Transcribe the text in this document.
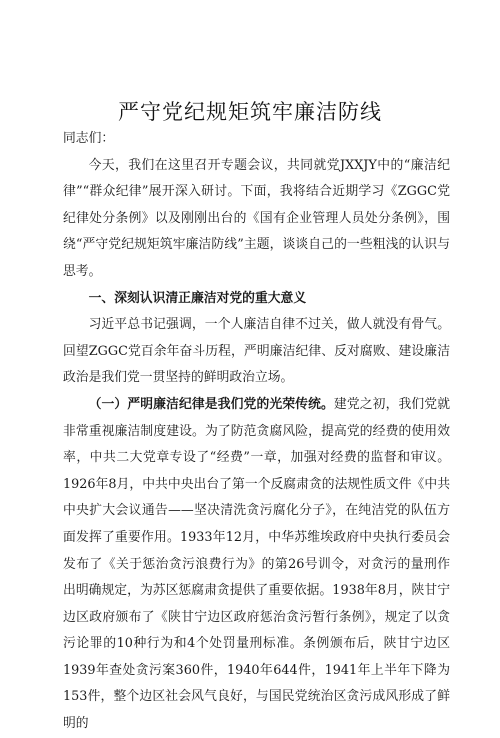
严守党纪规矩筑牢廉洁防线

同志们：

今天，我们在这里召开专题会议，共同就党JXXJY中的“廉洁纪律”“群众纪律”展开深入研讨。下面，我将结合近期学习《ZGGC党纪律处分条例》以及刚刚出台的《国有企业管理人员处分条例》，围绕“严守党纪规矩筑牢廉洁防线”主题，谈谈自己的一些粗浅的认识与思考。

一、深刻认识清正廉洁对党的重大意义

习近平总书记强调，一个人廉洁自律不过关，做人就没有骨气。回望ZGGC党百余年奋斗历程，严明廉洁纪律、反对腐败、建设廉洁政治是我们党一贯坚持的鲜明政治立场。

（一）严明廉洁纪律是我们党的光荣传统。建党之初，我们党就非常重视廉洁制度建设。为了防范贪腐风险，提高党的经费的使用效率，中共二大党章专设了“经费”一章，加强对经费的监督和审议。1926年8月，中共中央出台了第一个反腐肃贪的法规性质文件《中共中央扩大会议通告——坚决清洗贪污腐化分子》，在纯洁党的队伍方面发挥了重要作用。1933年12月，中华苏维埃政府中央执行委员会发布了《关于惩治贪污浪费行为》的第26号训令，对贪污的量刑作出明确规定，为苏区惩腐肃贪提供了重要依据。1938年8月，陕甘宁边区政府颁布了《陕甘宁边区政府惩治贪污暂行条例》，规定了以贪污论罪的10种行为和4个处罚量刑标准。条例颁布后，陕甘宁边区1939年查处贪污案360件，1940年644件，1941年上半年下降为153件，整个边区社会风气良好，与国民党统治区贪污成风形成了鲜明的
